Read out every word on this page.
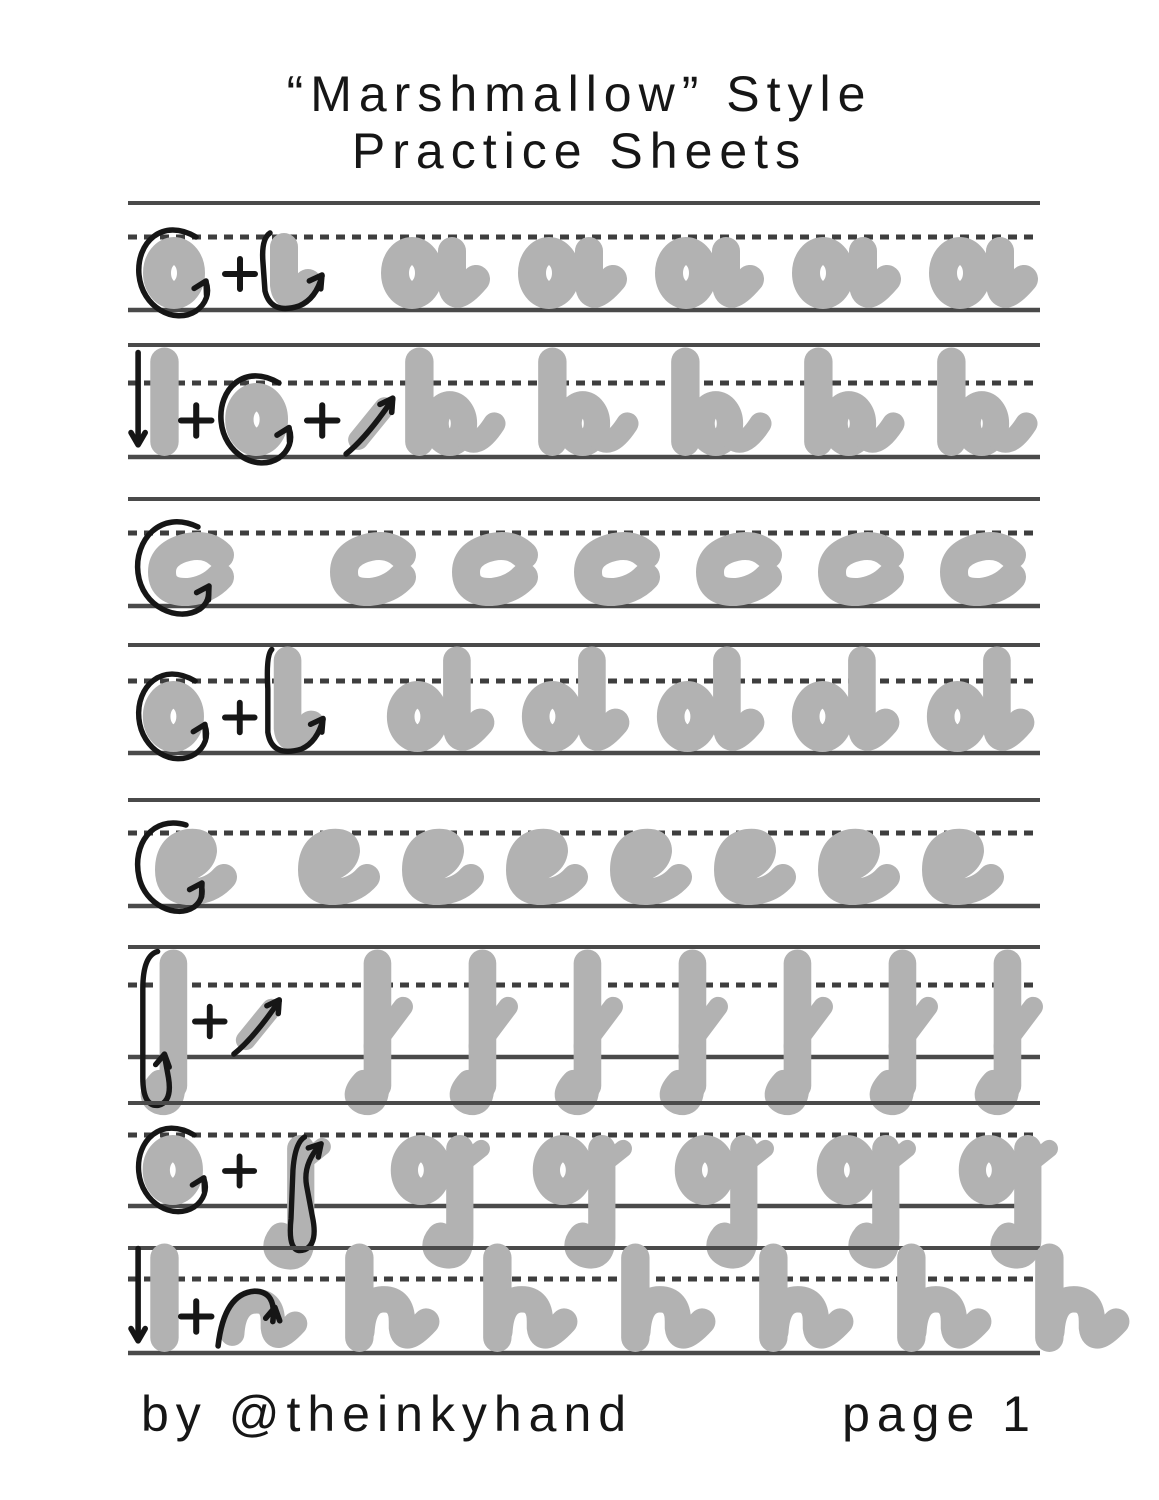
“Marshmallow” Style
Practice Sheets
by @theinkyhand	page 1
